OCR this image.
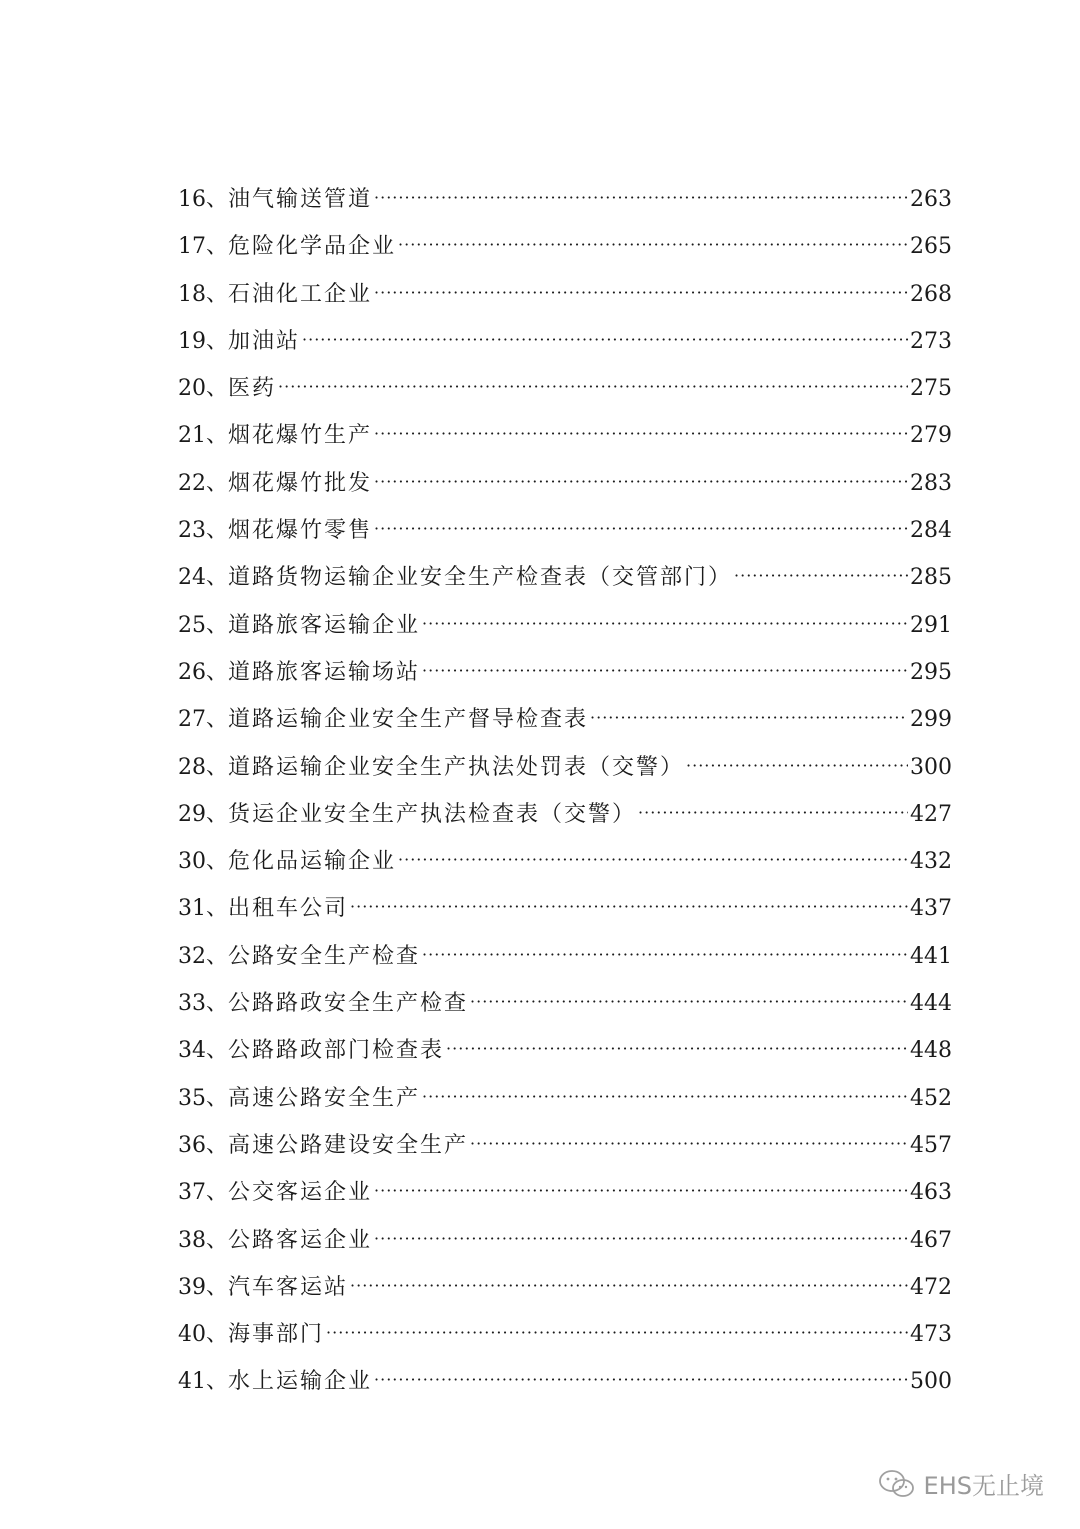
16、 油气输送管道 ·····	263
17、 危险化学品企业 ·····	265
18、 石油化工企业 ·····	268
19、 加油站 ·····	273
20、 医药 ·····	275
21、 烟花爆竹生产 ·····	279
22、 烟花爆竹批发 ·····	283
23、 烟花爆竹零售 ·····	284
24、 道路货物运输企业安全生产检查表（交管部门） ·····	285
25、 道路旅客运输企业 ·····	291
26、 道路旅客运输场站 ·····	295
27、 道路运输企业安全生产督导检查表 ·····	299
28、 道路运输企业安全生产执法处罚表（交警） ·····	300
29、 货运企业安全生产执法检查表（交警） ·····	427
30、 危化品运输企业 ·····	432
31、 出租车公司 ·····	437
32、 公路安全生产检查 ·····	441
33、 公路路政安全生产检查 ·····	444
34、 公路路政部门检查表 ·····	448
35、 高速公路安全生产 ·····	452
36、 高速公路建设安全生产 ·····	457
37、 公交客运企业 ·····	463
38、 公路客运企业 ·····	467
39、 汽车客运站 ·····	472
40、 海事部门 ·····	473
41、 水上运输企业 ·····	500
EHS无止境
